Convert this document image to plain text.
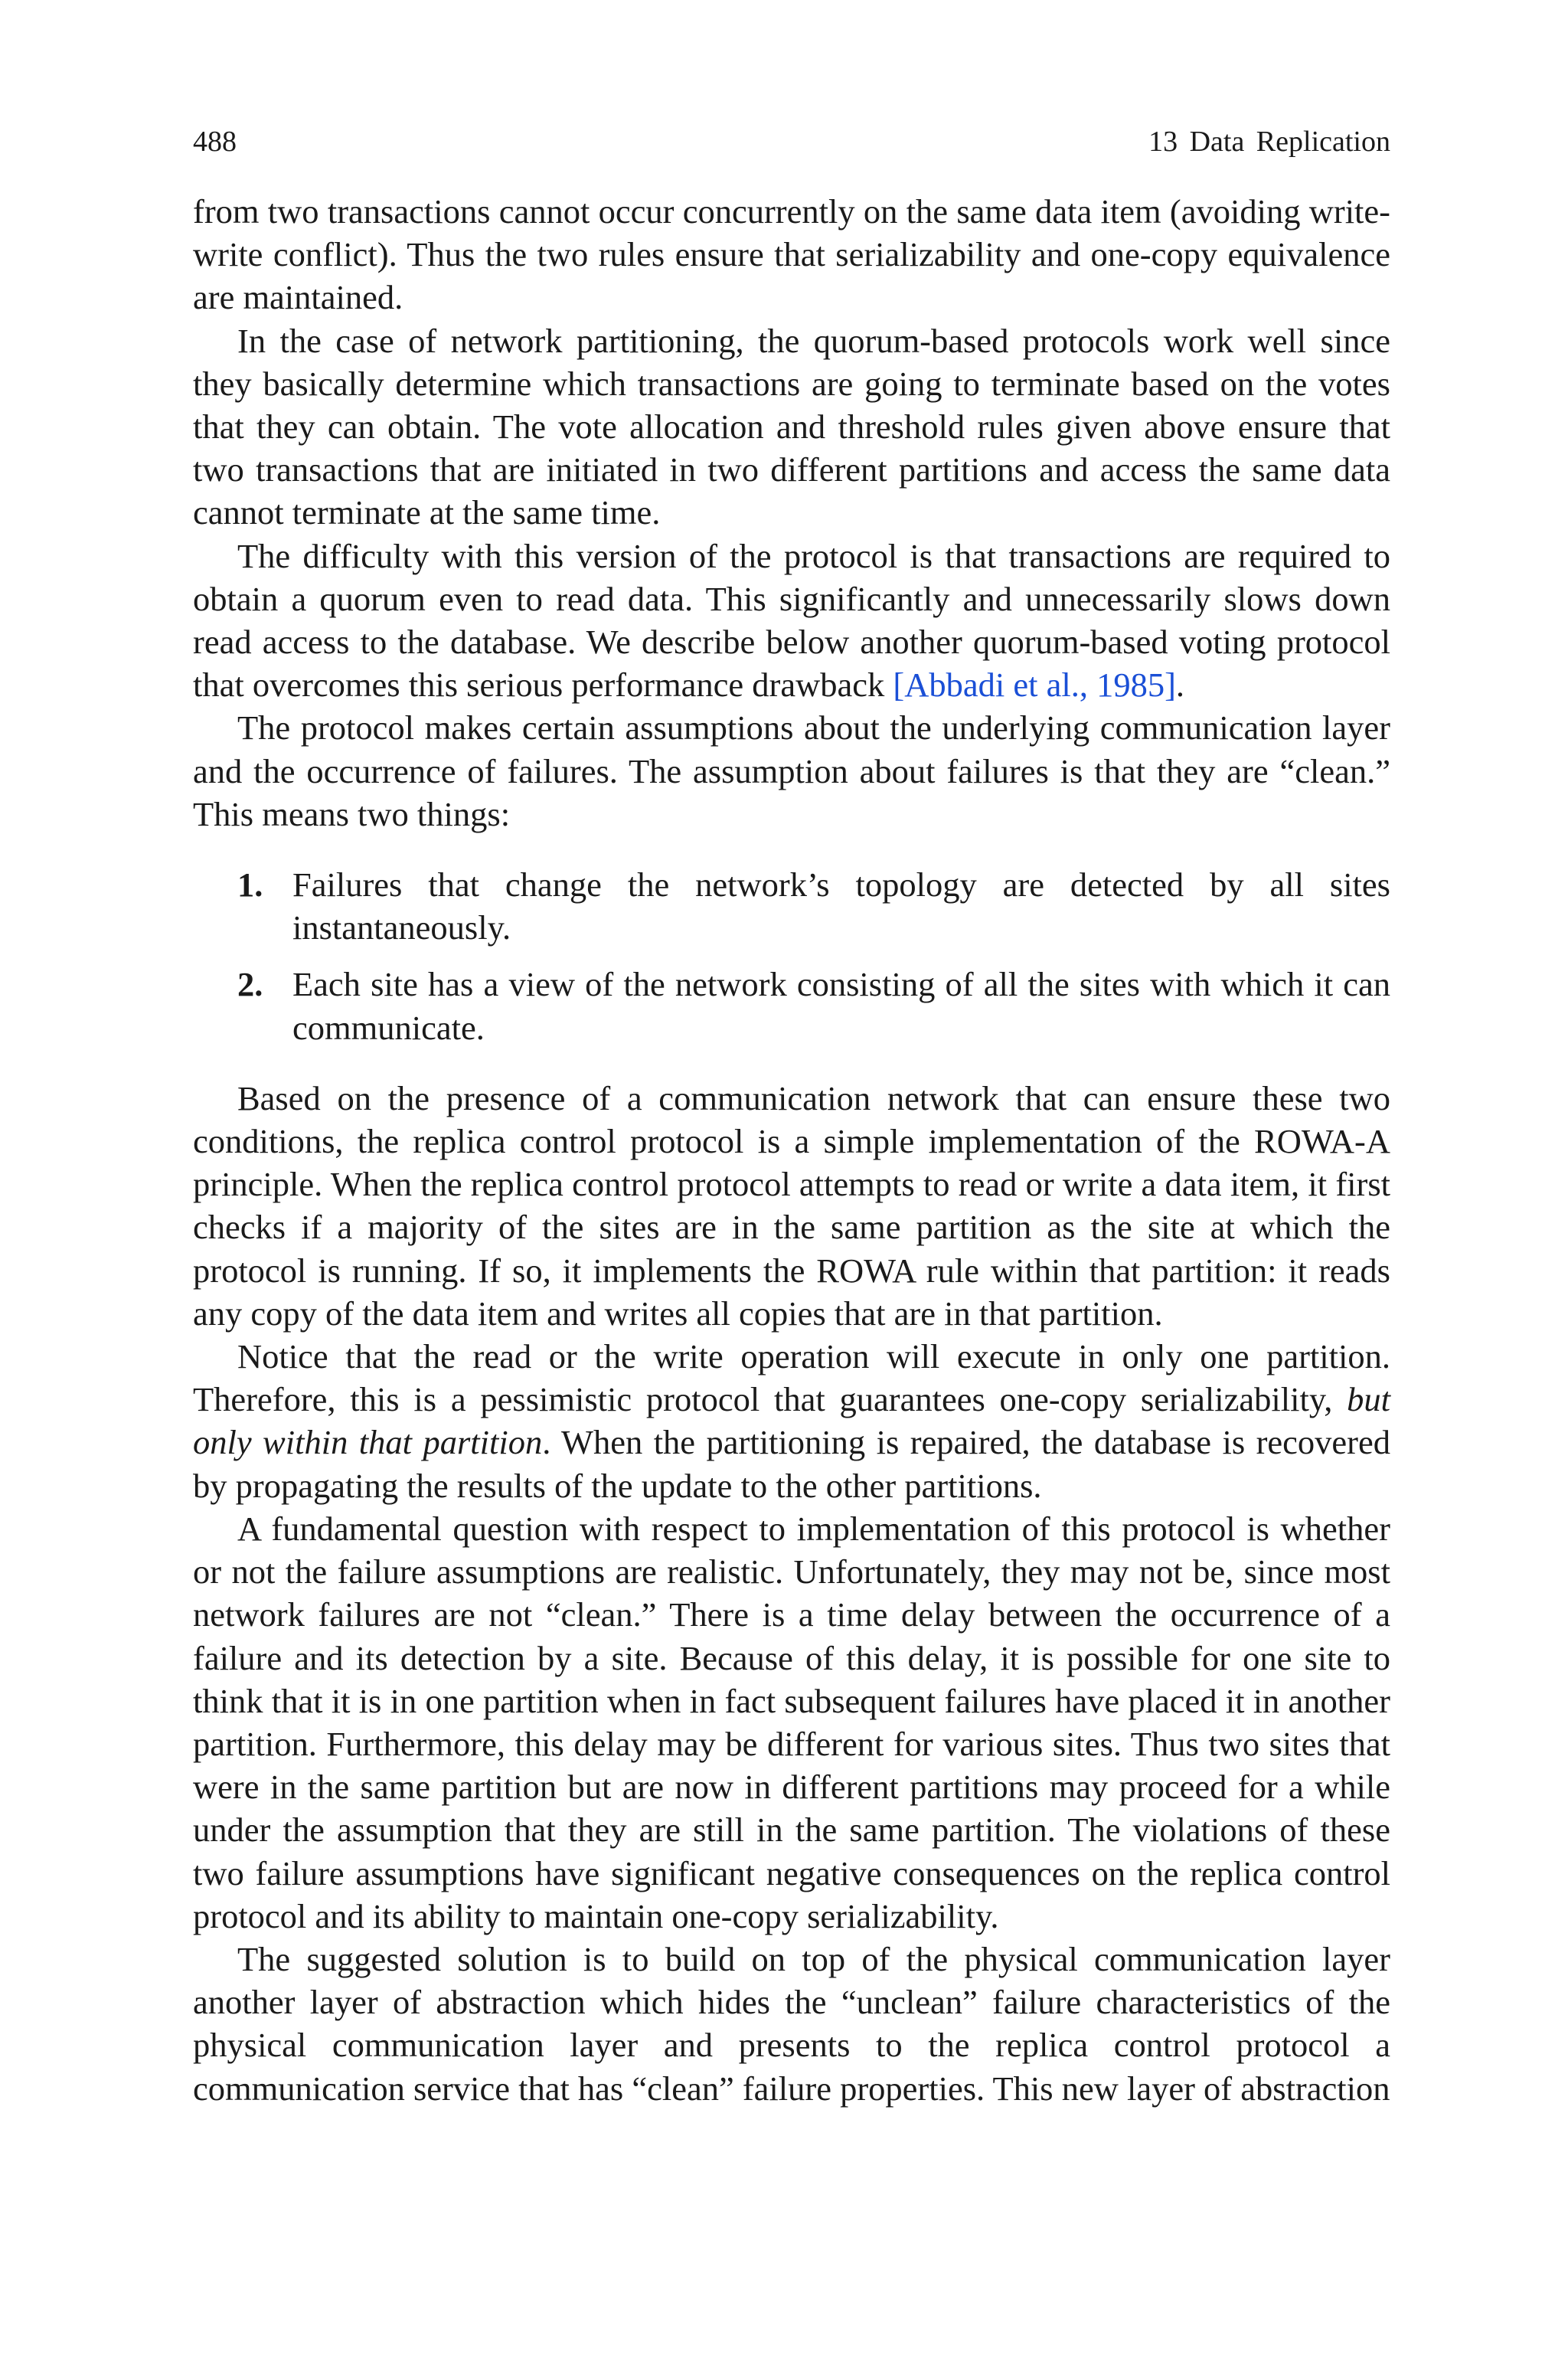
488	13 Data Replication

from two transactions cannot occur concurrently on the same data item (avoiding write-write conflict). Thus the two rules ensure that serializability and one-copy equivalence are maintained.

In the case of network partitioning, the quorum-based protocols work well since they basically determine which transactions are going to terminate based on the votes that they can obtain. The vote allocation and threshold rules given above ensure that two transactions that are initiated in two different partitions and access the same data cannot terminate at the same time.

The difficulty with this version of the protocol is that transactions are required to obtain a quorum even to read data. This significantly and unnecessarily slows down read access to the database. We describe below another quorum-based voting protocol that overcomes this serious performance drawback [Abbadi et al., 1985].

The protocol makes certain assumptions about the underlying communication layer and the occurrence of failures. The assumption about failures is that they are “clean.” This means two things:

1. Failures that change the network’s topology are detected by all sites instantaneously.
2. Each site has a view of the network consisting of all the sites with which it can communicate.

Based on the presence of a communication network that can ensure these two conditions, the replica control protocol is a simple implementation of the ROWA-A principle. When the replica control protocol attempts to read or write a data item, it first checks if a majority of the sites are in the same partition as the site at which the protocol is running. If so, it implements the ROWA rule within that partition: it reads any copy of the data item and writes all copies that are in that partition.

Notice that the read or the write operation will execute in only one partition. Therefore, this is a pessimistic protocol that guarantees one-copy serializability, but only within that partition. When the partitioning is repaired, the database is recovered by propagating the results of the update to the other partitions.

A fundamental question with respect to implementation of this protocol is whether or not the failure assumptions are realistic. Unfortunately, they may not be, since most network failures are not “clean.” There is a time delay between the occurrence of a failure and its detection by a site. Because of this delay, it is possible for one site to think that it is in one partition when in fact subsequent failures have placed it in another partition. Furthermore, this delay may be different for various sites. Thus two sites that were in the same partition but are now in different partitions may proceed for a while under the assumption that they are still in the same partition. The violations of these two failure assumptions have significant negative consequences on the replica control protocol and its ability to maintain one-copy serializability.

The suggested solution is to build on top of the physical communication layer another layer of abstraction which hides the “unclean” failure characteristics of the physical communication layer and presents to the replica control protocol a communication service that has “clean” failure properties. This new layer of abstraction
